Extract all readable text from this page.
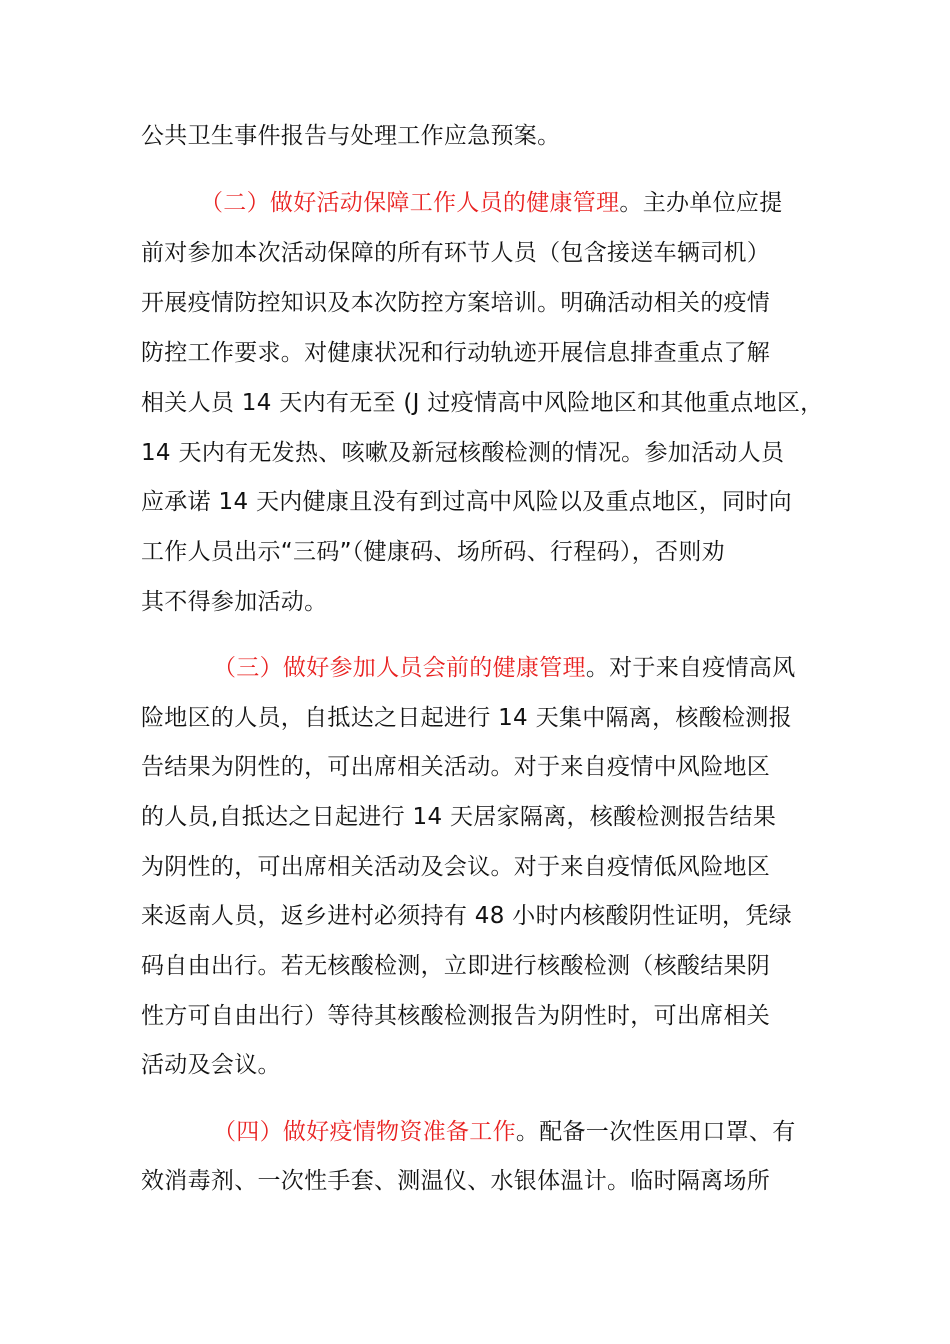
公共卫生事件报告与处理工作应急预案。
（二）做好活动保障工作人员的健康管理。主办单位应提
前对参加本次活动保障的所有环节人员（包含接送车辆司机）
开展疫情防控知识及本次防控方案培训。明确活动相关的疫情
防控工作要求。对健康状况和行动轨迹开展信息排查重点了解
相关人员 14 天内有无至 (J 过疫情高中风险地区和其他重点地区，
14 天内有无发热、咳嗽及新冠核酸检测的情况。参加活动人员
应承诺 14 天内健康且没有到过高中风险以及重点地区，同时向
工作人员出示“三码”（健康码、场所码、行程码），否则劝
其不得参加活动。
（三）做好参加人员会前的健康管理。对于来自疫情高风
险地区的人员，自抵达之日起进行 14 天集中隔离，核酸检测报
告结果为阴性的，可出席相关活动。对于来自疫情中风险地区
的人员,自抵达之日起进行 14 天居家隔离，核酸检测报告结果
为阴性的，可出席相关活动及会议。对于来自疫情低风险地区
来返南人员，返乡进村必须持有 48 小时内核酸阴性证明，凭绿
码自由出行。若无核酸检测，立即进行核酸检测（核酸结果阴
性方可自由出行）等待其核酸检测报告为阴性时，可出席相关
活动及会议。
（四）做好疫情物资准备工作。配备一次性医用口罩、有
效消毒剂、一次性手套、测温仪、水银体温计。临时隔离场所
